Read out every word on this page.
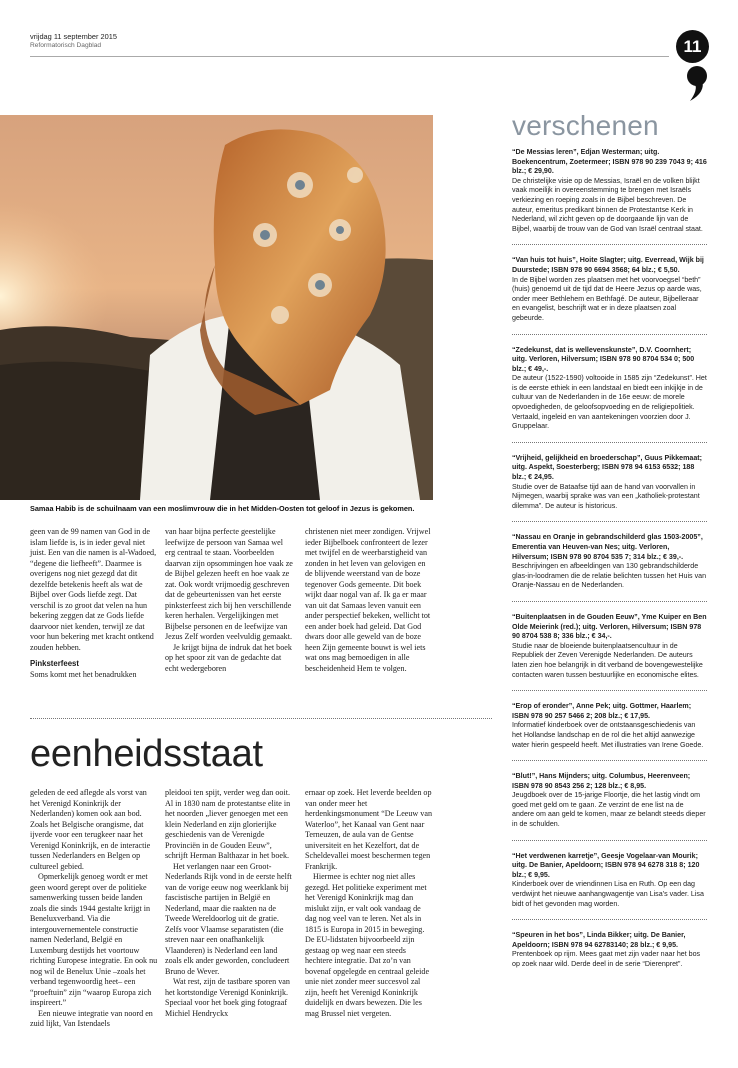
vrijdag 11 september 2015
Reformatorisch Dagblad	11
Samaa Habib is de schuilnaam van een moslimvrouw die in het Midden-Oosten tot geloof in Jezus is gekomen.

geen van de 99 namen van God in de islam liefde is, is in ieder geval niet juist. Een van die namen is al-Wadoed, “degene die liefheeft”. Daarmee is overigens nog niet gezegd dat dit dezelfde betekenis heeft als wat de Bijbel over Gods liefde zegt. Dat verschil is zo groot dat velen na hun bekering zeggen dat ze Gods liefde daarvoor niet kenden, terwijl ze dat voor hun bekering met kracht ontkend zouden hebben.

Pinksterfeest

Soms komt met het benadrukken

van haar bijna perfecte geestelijke leefwijze de persoon van Samaa wel erg centraal te staan. Voorbeelden daarvan zijn opsommingen hoe vaak ze de Bijbel gelezen heeft en hoe vaak ze zat. Ook wordt vrijmoedig geschreven dat de gebeurtenissen van het eerste pinksterfeest zich bij hen verschillende keren herhalen. Vergelijkingen met Bijbelse personen en de leefwijze van Jezus Zelf worden veelvuldig gemaakt.

Je krijgt bijna de indruk dat het boek op het spoor zit van de gedachte dat echt wedergeboren

christenen niet meer zondigen. Vrijwel ieder Bijbelboek confronteert de lezer met twijfel en de weerbarstigheid van zonden in het leven van gelovigen en de blijvende weerstand van de boze tegenover Gods gemeente. Dit boek wijkt daar nogal van af. Ik ga er maar van uit dat Samaas leven vanuit een ander perspectief bekeken, wellicht tot een ander boek had geleid. Dat God dwars door alle geweld van de boze heen Zijn gemeente bouwt is wel iets wat ons mag bemoedigen in alle bescheidenheid Hem te volgen.

eenheidsstaat

geleden de eed aflegde als vorst van het Verenigd Koninkrijk der Nederlanden) komen ook aan bod. Zoals het Belgische orangisme, dat ijverde voor een terugkeer naar het Verenigd Koninkrijk, en de interactie tussen Nederlanders en Belgen op cultureel gebied.

Opmerkelijk genoeg wordt er met geen woord gerept over de politieke samenwerking tussen beide landen zoals die sinds 1944 gestalte krijgt in Beneluxverband. Via die intergouvernementele constructie namen Nederland, België en Luxemburg destijds het voortouw richting Europese integratie. En ook nu nog wil de Benelux Unie –zoals het verband tegenwoordig heet– een “proeftuin” zijn “waarop Europa zich inspireert.”

Een nieuwe integratie van noord en zuid lijkt, Van Istendaels

pleidooi ten spijt, verder weg dan ooit. Al in 1830 nam de protestantse elite in het noorden „liever genoegen met een klein Nederland en zijn glorierijke geschiedenis van de Verenigde Provinciën in de Gouden Eeuw”, schrijft Herman Balthazar in het boek.

Het verlangen naar een Groot-Nederlands Rijk vond in de eerste helft van de vorige eeuw nog weerklank bij fascistische partijen in België en Nederland, maar die raakten na de Tweede Wereldoorlog uit de gratie. Zelfs voor Vlaamse separatisten (die streven naar een onafhankelijk Vlaanderen) is Nederland een land zoals elk ander geworden, concludeert Bruno de Wever.

Wat rest, zijn de tastbare sporen van het kortstondige Verenigd Koninkrijk. Speciaal voor het boek ging fotograaf Michiel Hendryckx

ernaar op zoek. Het leverde beelden op van onder meer het herdenkingsmonument “De Leeuw van Waterloo”, het Kanaal van Gent naar Terneuzen, de aula van de Gentse universiteit en het Kezelfort, dat de Scheldevallei moest beschermen tegen Frankrijk.

Hiermee is echter nog niet alles gezegd. Het politieke experiment met het Verenigd Koninkrijk mag dan mislukt zijn, er valt ook vandaag de dag nog veel van te leren. Net als in 1815 is Europa in 2015 in beweging. De EU-lidstaten bijvoorbeeld zijn gestaag op weg naar een steeds hechtere integratie. Dat zo’n van bovenaf opgelegde en centraal geleide unie niet zonder meer succesvol zal zijn, heeft het Verenigd Koninkrijk duidelijk en dwars bewezen. Die les mag Brussel niet vergeten.

verschenen
“De Messias leren”, Edjan Westerman; uitg. Boekencentrum, Zoetermeer; ISBN 978 90 239 7043 9; 416 blz.; € 29,90.
De christelijke visie op de Messias, Israël en de volken blijkt vaak moeilijk in overeenstemming te brengen met Israëls verkiezing en roeping zoals in de Bijbel beschreven. De auteur, emeritus predikant binnen de Protestantse Kerk in Nederland, wil zicht geven op de doorgaande lijn van de Bijbel, waarbij de trouw van de God van Israël centraal staat.
“Van huis tot huis”, Hoite Slagter; uitg. Everread, Wijk bij Duurstede; ISBN 978 90 6694 3568; 64 blz.; € 5,50.
In de Bijbel worden zes plaatsen met het voorvoegsel “beth” (huis) genoemd uit de tijd dat de Heere Jezus op aarde was, onder meer Bethlehem en Bethfagé. De auteur, Bijbelleraar en evangelist, beschrijft wat er in deze plaatsen zoal gebeurde.
“Zedekunst, dat is wellevenskunste”, D.V. Coornhert; uitg. Verloren, Hilversum; ISBN 978 90 8704 534 0; 500 blz.; € 49,-.
De auteur (1522-1590) voltooide in 1585 zijn “Zedekunst”. Het is de eerste ethiek in een landstaal en biedt een inkijkje in de cultuur van de Nederlanden in de 16e eeuw: de morele opvoedigheden, de geloofsopvoeding en de religiepolitiek. Vertaald, ingeleid en van aantekeningen voorzien door J. Gruppelaar.
“Vrijheid, gelijkheid en broederschap”, Guus Pikkemaat; uitg. Aspekt, Soesterberg; ISBN 978 94 6153 6532; 188 blz.; € 24,95.
Studie over de Bataafse tijd aan de hand van voorvallen in Nijmegen, waarbij sprake was van een „katholiek-protestant dilemma”. De auteur is historicus.
“Nassau en Oranje in gebrandschilderd glas 1503-2005”, Emerentia van Heuven-van Nes; uitg. Verloren, Hilversum; ISBN 978 90 8704 535 7; 314 blz.; € 39,-.
Beschrijvingen en afbeeldingen van 130 gebrandschilderde glas-in-loodramen die de relatie belichten tussen het Huis van Oranje-Nassau en de Nederlanden.
“Buitenplaatsen in de Gouden Eeuw”, Yme Kuiper en Ben Olde Meierink (red.); uitg. Verloren, Hilversum; ISBN 978 90 8704 538 8; 336 blz.; € 34,-.
Studie naar de bloeiende buitenplaatsencultuur in de Republiek der Zeven Verenigde Nederlanden. De auteurs laten zien hoe belangrijk in dit verband de bovengewestelijke contacten waren tussen bestuurlijke en economische elites.
“Erop of eronder”, Anne Pek; uitg. Gottmer, Haarlem; ISBN 978 90 257 5466 2; 208 blz.; € 17,95.
Informatief kinderboek over de ontstaansgeschiedenis van het Hollandse landschap en de rol die het altijd aanwezige water hierin gespeeld heeft. Met illustraties van Irene Goede.
“Blut!”, Hans Mijnders; uitg. Columbus, Heerenveen; ISBN 978 90 8543 256 2; 128 blz.; € 8,95.
Jeugdboek over de 15-jarige Floortje, die het lastig vindt om goed met geld om te gaan. Ze verzint de ene list na de andere om aan geld te komen, maar ze belandt steeds dieper in de schulden.
“Het verdwenen karretje”, Geesje Vogelaar-van Mourik; uitg. De Banier, Apeldoorn; ISBN 978 94 6278 318 8; 120 blz.; € 9,95.
Kinderboek over de vriendinnen Lisa en Ruth. Op een dag verdwijnt het nieuwe aanhangwagentje van Lisa’s vader. Lisa bidt of het gevonden mag worden.
“Speuren in het bos”, Linda Bikker; uitg. De Banier, Apeldoorn; ISBN 978 94 62783140; 28 blz.; € 9,95.
Prentenboek op rijm. Mees gaat met zijn vader naar het bos op zoek naar wild. Derde deel in de serie “Dierenpret”.
